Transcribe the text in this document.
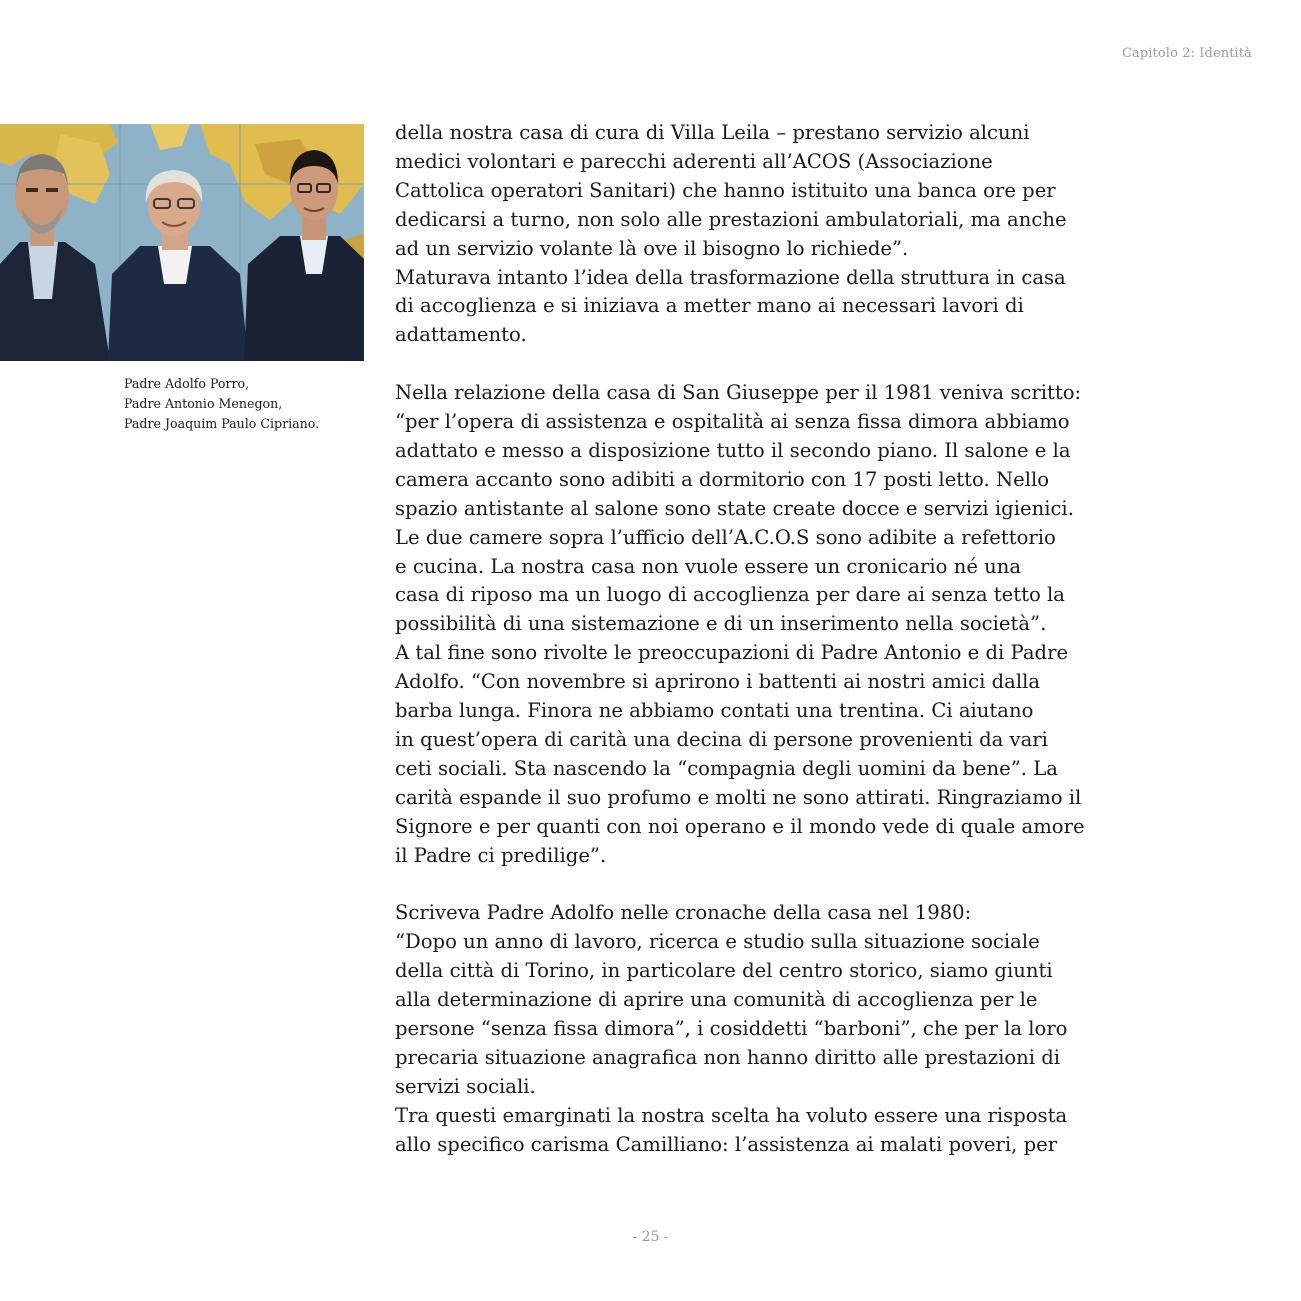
Capitolo 2: Identità
Padre Adolfo Porro,
Padre Antonio Menegon,
Padre Joaquim Paulo Cipriano.
della nostra casa di cura di Villa Leila – prestano servizio alcuni
medici volontari e parecchi aderenti all’ACOS (Associazione
Cattolica operatori Sanitari) che hanno istituito una banca ore per
dedicarsi a turno, non solo alle prestazioni ambulatoriali, ma anche
ad un servizio volante là ove il bisogno lo richiede”.
Maturava intanto l’idea della trasformazione della struttura in casa
di accoglienza e si iniziava a metter mano ai necessari lavori di
adattamento.
Nella relazione della casa di San Giuseppe per il 1981 veniva scritto:
“per l’opera di assistenza e ospitalità ai senza fissa dimora abbiamo
adattato e messo a disposizione tutto il secondo piano. Il salone e la
camera accanto sono adibiti a dormitorio con 17 posti letto. Nello
spazio antistante al salone sono state create docce e servizi igienici.
Le due camere sopra l’ufficio dell’A.C.O.S sono adibite a refettorio
e cucina. La nostra casa non vuole essere un cronicario né una
casa di riposo ma un luogo di accoglienza per dare ai senza tetto la
possibilità di una sistemazione e di un inserimento nella società”.
A tal fine sono rivolte le preoccupazioni di Padre Antonio e di Padre
Adolfo. “Con novembre si aprirono i battenti ai nostri amici dalla
barba lunga. Finora ne abbiamo contati una trentina. Ci aiutano
in quest’opera di carità una decina di persone provenienti da vari
ceti sociali. Sta nascendo la “compagnia degli uomini da bene”. La
carità espande il suo profumo e molti ne sono attirati. Ringraziamo il
Signore e per quanti con noi operano e il mondo vede di quale amore
il Padre ci predilige”.
Scriveva Padre Adolfo nelle cronache della casa nel 1980:
“Dopo un anno di lavoro, ricerca e studio sulla situazione sociale
della città di Torino, in particolare del centro storico, siamo giunti
alla determinazione di aprire una comunità di accoglienza per le
persone “senza fissa dimora”, i cosiddetti “barboni”, che per la loro
precaria situazione anagrafica non hanno diritto alle prestazioni di
servizi sociali.
Tra questi emarginati la nostra scelta ha voluto essere una risposta
allo specifico carisma Camilliano: l’assistenza ai malati poveri, per
- 25 -
